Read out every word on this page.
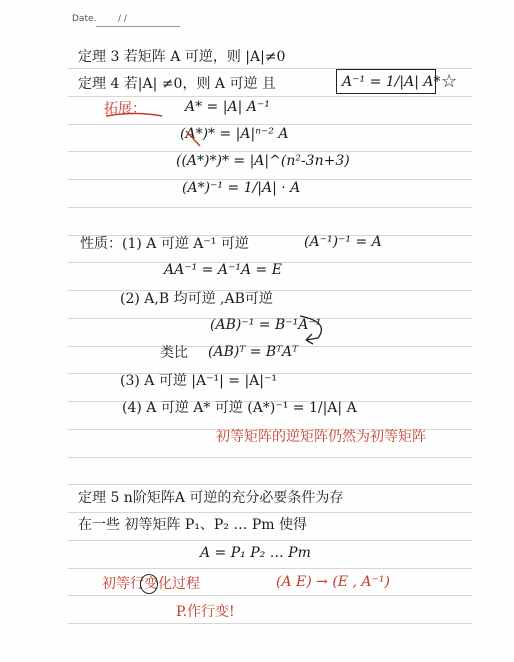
Date. / /
定理 3 若矩阵 A 可逆，则 |A|≠0
定理 4 若|A| ≠0，则 A 可逆 且	A⁻¹ = 1/|A| A* ☆
拓展：	A* = |A| A⁻¹
(A*)* = |A|ⁿ⁻² A
((A*)*)* = |A|^(n²-3n+3)
(A*)⁻¹ = 1/|A| · A
性质：(1) A 可逆 A⁻¹ 可逆	(A⁻¹)⁻¹ = A
AA⁻¹ = A⁻¹A = E
(2) A,B 均可逆 ,AB可逆
(AB)⁻¹ = B⁻¹A⁻¹
类比 (AB)ᵀ = BᵀAᵀ
(3) A 可逆 |A⁻¹| = |A|⁻¹
(4) A 可逆 A* 可逆 (A*)⁻¹ = 1/|A| A
初等矩阵的逆矩阵仍然为初等矩阵
定理 5 n阶矩阵A 可逆的充分必要条件为存
在一些 初等矩阵 P₁、P₂ … Pm 使得
A = P₁ P₂ … Pm
初等行变化过程	(A E) → (E , A⁻¹)
P.作行变!
